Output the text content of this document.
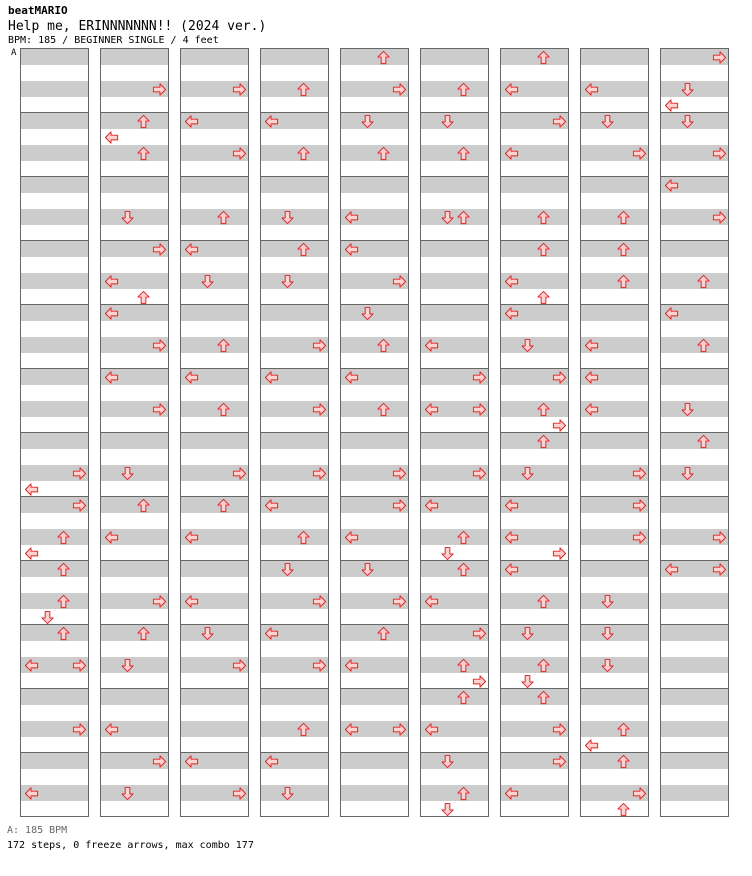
beatMARIO
Help me, ERINNNNNNN!! (2024 ver.)
BPM: 185 / BEGINNER SINGLE / 4 feet
A
A: 185 BPM
172 steps, 0 freeze arrows, max combo 177
